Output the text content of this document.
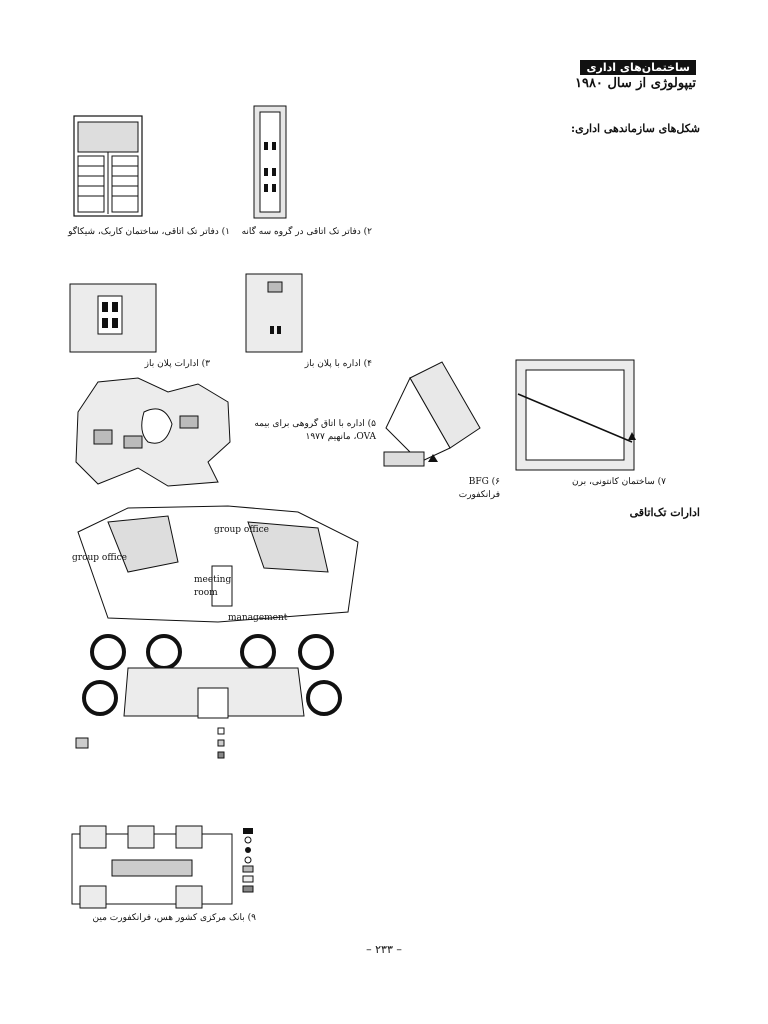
ساختمان‌های اداری
تیپولوژی از سال ۱۹۸۰
۱) دفاتر تک اتاقی، ساختمان کاربک، شیکاگو	۲) دفاتر تک اتاقی در گروه سه گانه
۳) ادارات پلان باز	۴) اداره با پلان باز
۵) اداره با اتاق گروهی برای بیمه OVA، مانهیم ۱۹۷۷
۶) BFG فرانکفورت
۷) ساختمان کانتونی، برن
شکل‌های سازماندهی اداری:
group office
group office
meeting room
management
۹) بانک مرکزی کشور هس، فرانکفورت مین
ادارات تک‌اتاقی
– ۲۳۳ –
